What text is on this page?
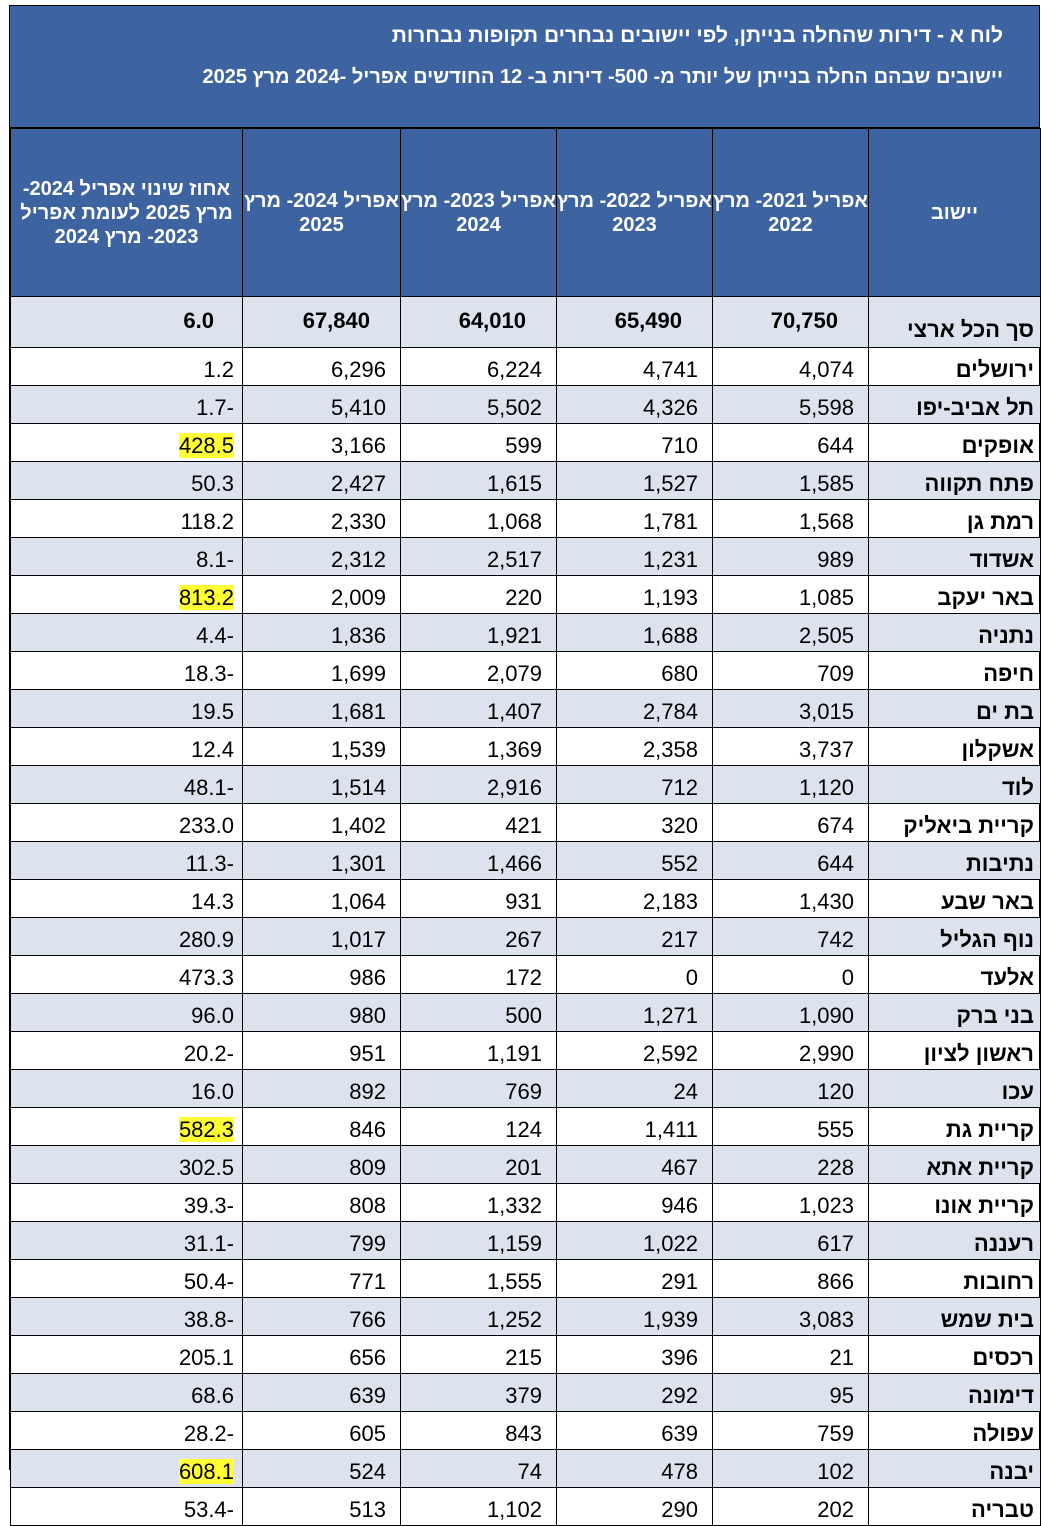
לוח א - דירות שהחלה בנייתן, לפי יישובים נבחרים תקופות נבחרות
יישובים שבהם החלה בנייתן של יותר מ- 500- דירות ב- 12 החודשים אפריל -2024 מרץ 2025
יישוב	אפריל 2021- מרץ 2022	אפריל 2022- מרץ 2023	אפריל 2023- מרץ 2024	אפריל 2024- מרץ 2025	אחוז שינוי אפריל 2024- מרץ 2025 לעומת אפריל 2023- מרץ 2024
סך הכל ארצי	70,750	65,490	64,010	67,840	6.0
ירושלים	4,074	4,741	6,224	6,296	1.2
תל אביב-יפו	5,598	4,326	5,502	5,410	-1.7
אופקים	644	710	599	3,166	428.5
פתח תקווה	1,585	1,527	1,615	2,427	50.3
רמת גן	1,568	1,781	1,068	2,330	118.2
אשדוד	989	1,231	2,517	2,312	-8.1
באר יעקב	1,085	1,193	220	2,009	813.2
נתניה	2,505	1,688	1,921	1,836	-4.4
חיפה	709	680	2,079	1,699	-18.3
בת ים	3,015	2,784	1,407	1,681	19.5
אשקלון	3,737	2,358	1,369	1,539	12.4
לוד	1,120	712	2,916	1,514	-48.1
קריית ביאליק	674	320	421	1,402	233.0
נתיבות	644	552	1,466	1,301	-11.3
באר שבע	1,430	2,183	931	1,064	14.3
נוף הגליל	742	217	267	1,017	280.9
אלעד	0	0	172	986	473.3
בני ברק	1,090	1,271	500	980	96.0
ראשון לציון	2,990	2,592	1,191	951	-20.2
עכו	120	24	769	892	16.0
קריית גת	555	1,411	124	846	582.3
קריית אתא	228	467	201	809	302.5
קריית אונו	1,023	946	1,332	808	-39.3
רעננה	617	1,022	1,159	799	-31.1
רחובות	866	291	1,555	771	-50.4
בית שמש	3,083	1,939	1,252	766	-38.8
רכסים	21	396	215	656	205.1
דימונה	95	292	379	639	68.6
עפולה	759	639	843	605	-28.2
יבנה	102	478	74	524	608.1
טבריה	202	290	1,102	513	-53.4
